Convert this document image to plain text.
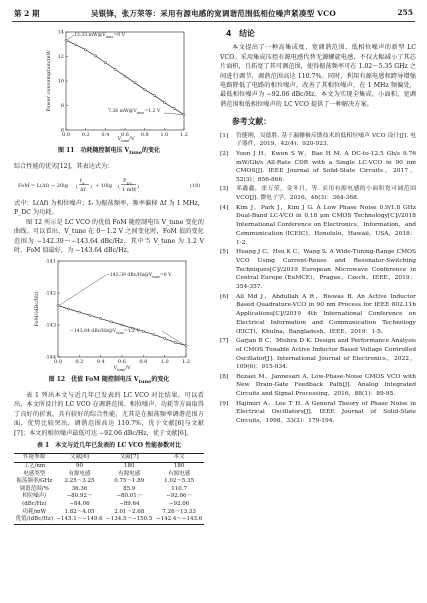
第 2 期	吴银锋，张万荣等：采用有源电感的宽调谐范围低相位噪声紧凑型 VCO	255
0.0 0.2 0.4 0.6 0.8 1.0 1.2
6
8
10
12
14 13.33 $mW@V_{tune}=0$ V
7.26 $mW@V_{tune}=1.2$ V
Power consumption/mW
$V_{tune}/V$
图 11 功耗随控制电压 $V_{tune}$的变化

综合性能的优劣[12]，其表达式为：

FoM = L(Δf) − 20lg (
$f_0$
Δf ) + 10lg (
$P_{DC}$
1 mW )	(18)

式中：L(Δf) 为相位噪声；f₀ 为振荡频率，频率偏移 Δf 为 1 MHz，P_DC 为功耗。

图 12 所示是 LC VCO 的优值 FoM 随控制电压 V_tune 变化的曲线。可以看出，V_tune 在 0～1.2 V 之间变化时，FoM 值的变化范围为 −142.39～−143.64 dBc/Hz，其中当 V_tune 为 1.2 V 时，FoM 值最好，为 −143.64 dBc/Hz。

0.0	0.2	0.4	0.6	0.8	1.0	1.2
-141
-142
-143
-144
−142.39 dBc/$Hz@V_{tune}=0$ V
−143.64 dBc/$Hz@V_{tune}=1.2$ V
FoM/(dBc/Hz)
$V_{tune}/V$
图 12 优值 FoM 随控制电压 $V_{tune}$的变化

表 1 列出本文与近几年已发表的 LC VCO 对比结果。可以看出，本文所设计的 LC VCO 在调谐范围、相位噪声、功耗等方面取得了良好的折衷，具有较好的综合性能，尤其是在振荡频率调谐范围方面，优势比较突出，调谐范围高达 110.7%，优于文献[6]与文献[7]；本文的相位噪声最低可达 −92.06 dBc/Hz，优于文献[6]。

表 1　本文与近几年已发表的 LC VCO 性能参数对比
性能参数	文献[6]	文献[7]	本文
工艺/nm	90	180	180
电感类型	有源电感	有源电感	有源电感
振荡频率/GHz	2.25～3.25	0.75～1.89	1.02～5.35
调谐范围/%	36.36	85.9	110.7
相位噪声/	−80.92～	−80.01～	−92.06～
(dBc/Hz)	−84.06	−89.64	−92.06
功耗/mW	1.82～4.05	2.01～2.68	7.26～13.33
优值/(dBc/Hz)	−145.1～−149.6	−134.5～−150.5	−142.4～−143.6
4　结论

本文提出了一种高集成度、宽调谐范围、低相位噪声的新型 LC VCO。采用集成压控有源电感代替无源螺旋电感，不仅大幅减小了其芯片面积，且拓宽了其可调范围，使得振荡频率可在 1.02～5.35 GHz 之间进行调节，调谐范围高达 110.7%。同时，利用有源电感和跨导增强电路降低了电路的相位噪声，改善了其相位噪声，在 1 MHz 频偏处，最低相位噪声为 −92.06 dBc/Hz。本文为实现全集成、小面积、宽调谐范围和低相位噪声的 LC VCO 提供了一种解决方案。

参考文献：
[1] 管健刚，吴德胜. 基于漏栅极反馈技术的低相位噪声 VCO 设计[J]. 电子器件，2019，42(4)：920-923.
[2] Yoon J H，Kwon S W，Bae H M. A DC-to-12.5 Gb/s 9.76 mW/Gb/s All-Rate CDR with a Single LC-VCO in 90 nm CMOS[J]. IEEE Journal of Solid-State Circuits，2017，52(3)：856-866.
[3] 邓鑫鑫，张万荣，金冬月，等. 采用有源电感的小面积宽可调范围 VCO[J]. 微电子学，2016，46(3)：364-368.
[4] Kim J，Park J，Kim J G. A Low Phase Noise 0.9/1.8 GHz Dual-Band LC-VCO in 0.18 μm CMOS Technology[C]//2018 International Conference on Electronics，Information，and Communication (ICEIC)，Honolulu，Hawaii，USA，2018：1-2.
[5] Huang J C，Hsu K C，Wang S. A Wide-Tuning-Range CMOS VCO Using Current-Reuse and Resonator-Switching Techniques[C]//2019 European Microwave Conference in Central Europe (EuMCE)，Prague，Czech，IEEE，2019：354-357.
[6] Ali Md J，Abdullah A R，Biswas B. An Active Inductor Based Quadrature-VCO in 90 nm Process for IEEE 802.11b Applications[C]//2019 4th International Conference on Electrical Information and Communication Technology (EICT)，Khulna，Bangladesh，IEEE，2019：1-5.
[7] Garjan B C，Mishra D K. Design and Performance Analysis of CMOS Tunable Active Inductor Based Voltage Controlled Oscillator[J]. International Journal of Electronics，2022，109(6)：915-934.
[8] Rezaei M，Jannesari A. Low-Phase-Noise CMOS VCO with New Drain-Gate Feedback Path[J]. Analog Integrated Circuits and Signal Processing，2016，88(1)：89-95.
[9] Hajimiri A，Lee T H. A General Theory of Phase Noise in Electrical Oscillators[J]. IEEE Journal of Solid-State Circuits，1998，33(2)：179-194.
